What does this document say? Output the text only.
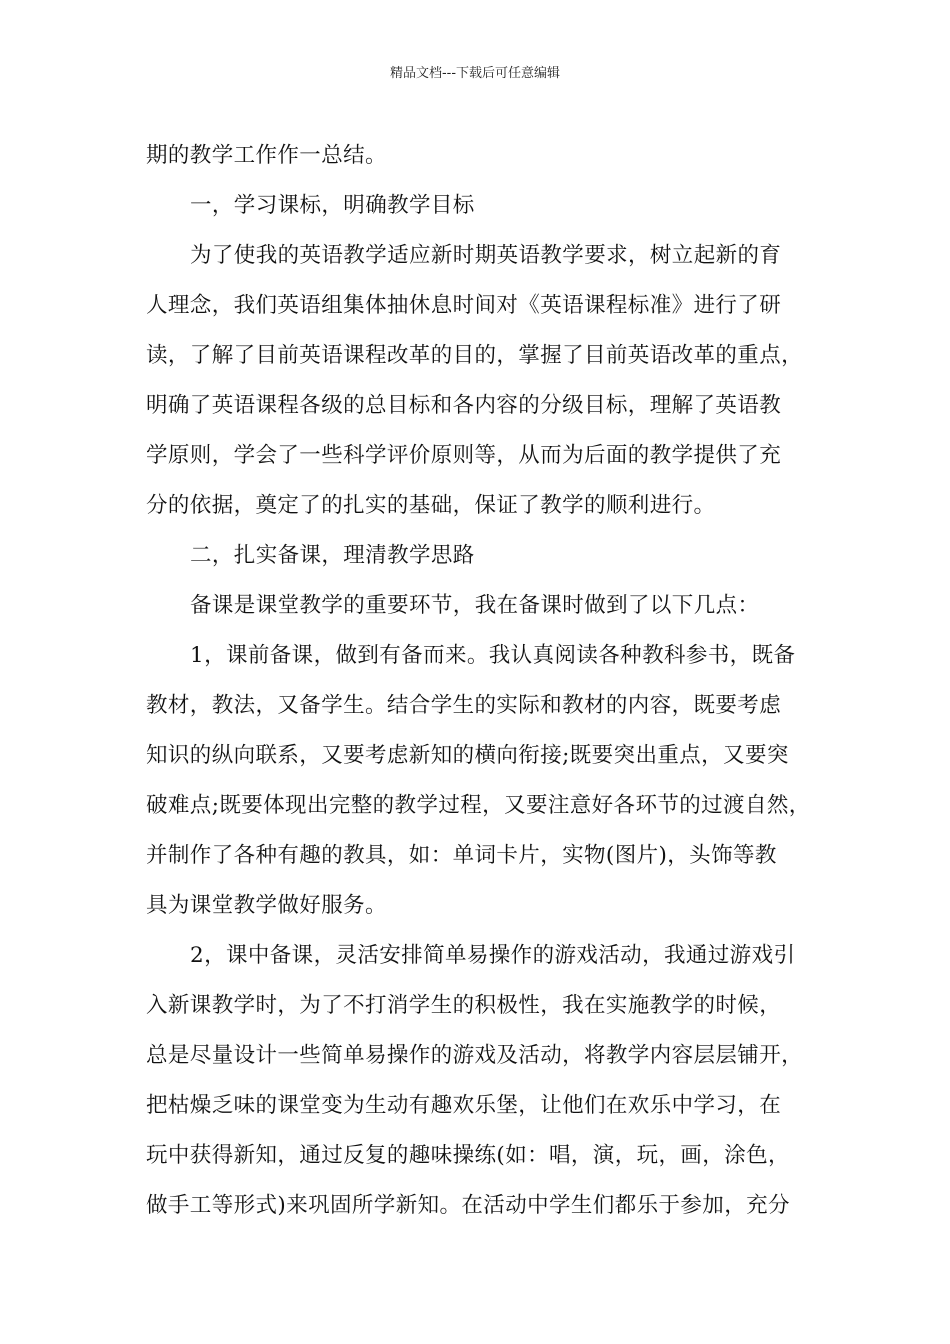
精品文档---下载后可任意编辑
期的教学工作作一总结。
一，学习课标，明确教学目标
为了使我的英语教学适应新时期英语教学要求，树立起新的育
人理念，我们英语组集体抽休息时间对《英语课程标准》进行了研
读，了解了目前英语课程改革的目的，掌握了目前英语改革的重点，
明确了英语课程各级的总目标和各内容的分级目标，理解了英语教
学原则，学会了一些科学评价原则等，从而为后面的教学提供了充
分的依据，奠定了的扎实的基础，保证了教学的顺利进行。
二，扎实备课，理清教学思路
备课是课堂教学的重要环节，我在备课时做到了以下几点：
1，课前备课，做到有备而来。我认真阅读各种教科参书，既备
教材，教法，又备学生。结合学生的实际和教材的内容，既要考虑
知识的纵向联系，又要考虑新知的横向衔接;既要突出重点，又要突
破难点;既要体现出完整的教学过程，又要注意好各环节的过渡自然，
并制作了各种有趣的教具，如：单词卡片，实物(图片)，头饰等教
具为课堂教学做好服务。
2，课中备课，灵活安排简单易操作的游戏活动，我通过游戏引
入新课教学时，为了不打消学生的积极性，我在实施教学的时候，
总是尽量设计一些简单易操作的游戏及活动，将教学内容层层铺开，
把枯燥乏味的课堂变为生动有趣欢乐堡，让他们在欢乐中学习，在
玩中获得新知，通过反复的趣味操练(如：唱，演，玩，画，涂色，
做手工等形式)来巩固所学新知。在活动中学生们都乐于参加，充分
